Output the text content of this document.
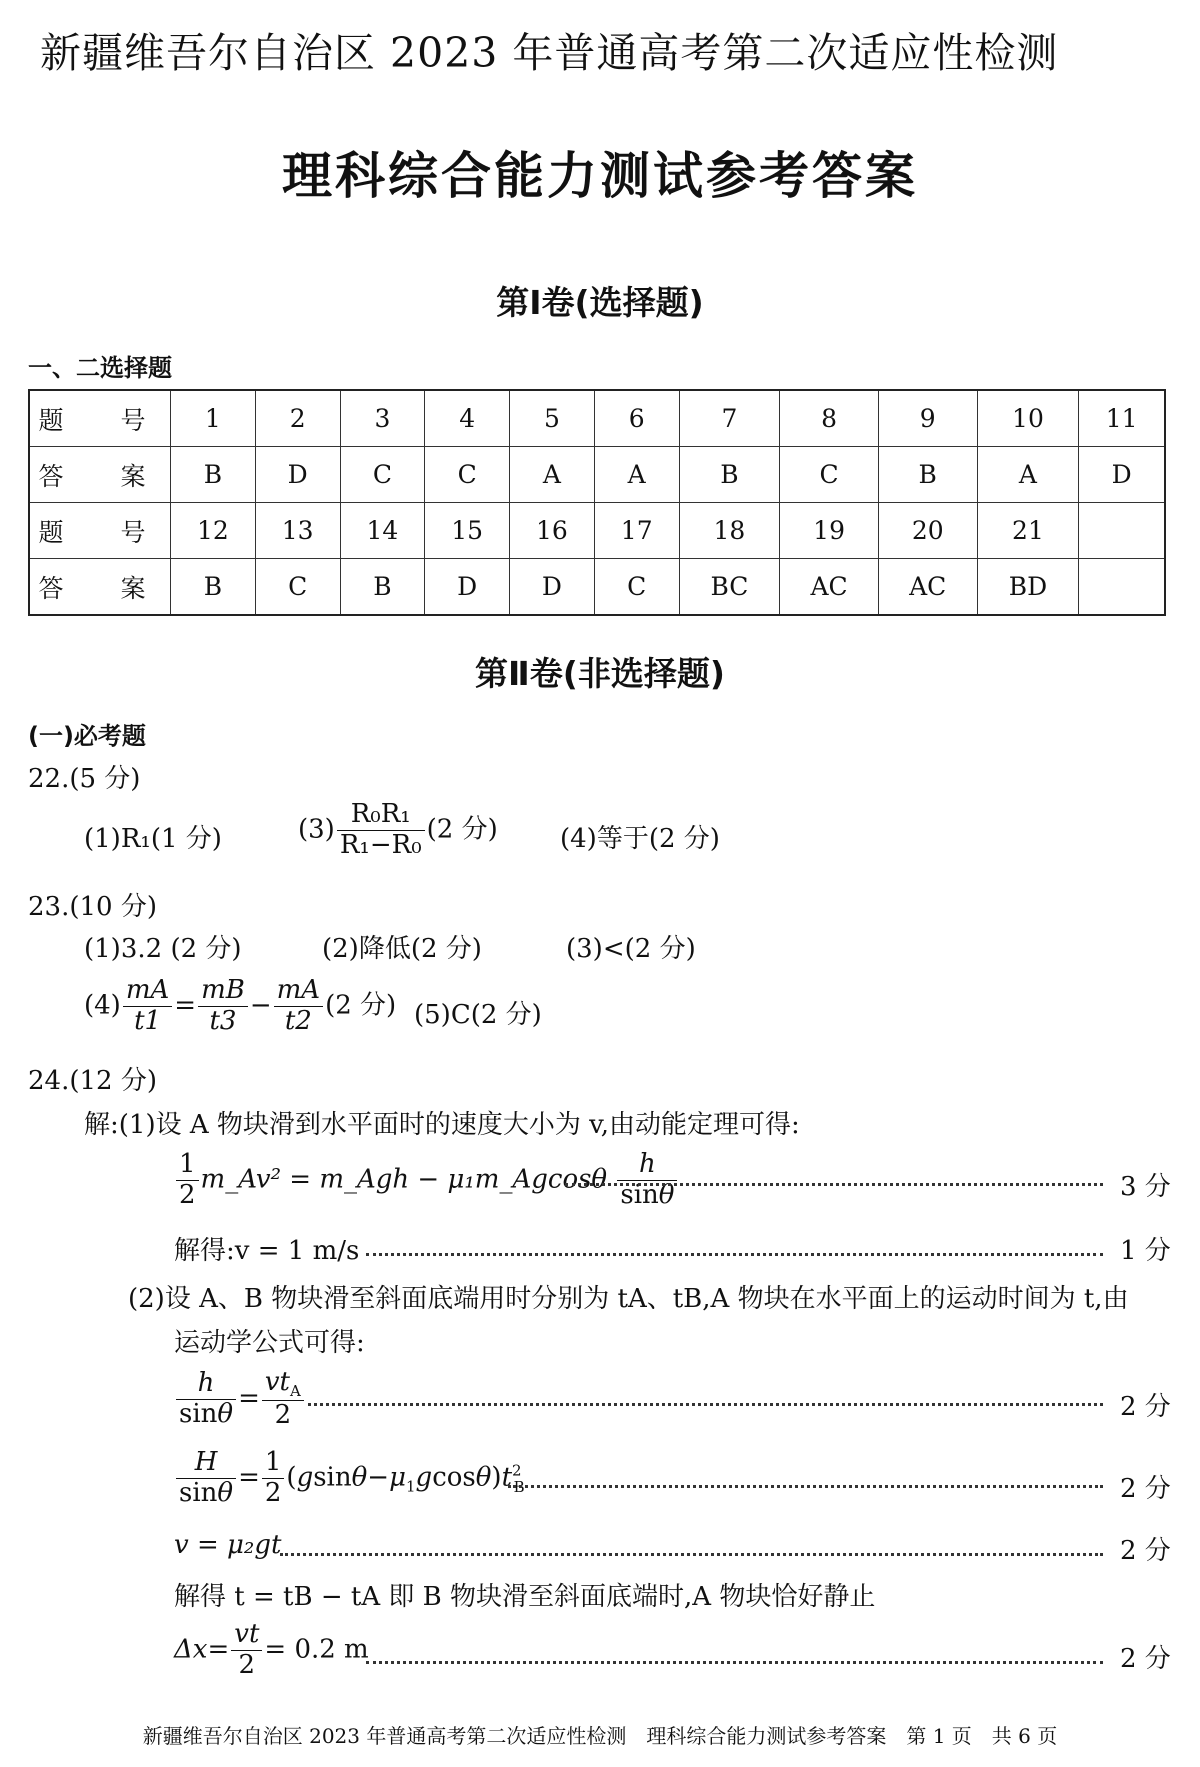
新疆维吾尔自治区 2023 年普通高考第二次适应性检测
理科综合能力测试参考答案
第Ⅰ卷(选择题)
一、二选择题
题　号	1	2	3	4	5	6	7	8	9	10	11
答　案	B	D	C	C	A	A	B	C	B	A	D
题　号	12	13	14	15	16	17	18	19	20	21	
答　案	B	C	B	D	D	C	BC	AC	AC	BD	
第Ⅱ卷(非选择题)
(一)必考题
22.(5 分)
(1)R₁(1 分)	$(3) \frac{\text{R₀R₁}}{\text{R₁−R₀}} (2$ 分) (4)等于(2 分)
23.(10 分)
(1)3.2 (2 分)	(2)降低(2 分)	(3)<(2 分)
$(4) \frac{mA}{t1} = \frac{mB}{t3} - \frac{mA}{t2} (2$ 分) (5)C(2 分)
24.(12 分)
解:(1)设 A 物块滑到水平面时的速度大小为 v,由动能定理可得:
$\frac{1}{2}$ m_Av² = m_Agh − μ₁m_Agcosθ $\frac{h}{\sin\theta}$	3 分
解得:v = 1 m/s	1 分
(2)设 A、B 物块滑至斜面底端用时分别为 tA、tB,A 物块在水平面上的运动时间为 t,由
运动学公式可得:
$\frac{h}{\sin\theta} = \frac{vt_A}{2}$	2 分
$\frac{H}{\sin\theta} = \frac{1}{2} (gsin\theta-\mu_1gcos\theta)t^2_B$	2 分
v = μ₂gt	2 分
解得 t = tB − tA 即 B 物块滑至斜面底端时,A 物块恰好静止
$\Delta x= \frac{vt}{2} = 0.2$ m	2 分
新疆维吾尔自治区 2023 年普通高考第二次适应性检测　理科综合能力测试参考答案　第 1 页　共 6 页
